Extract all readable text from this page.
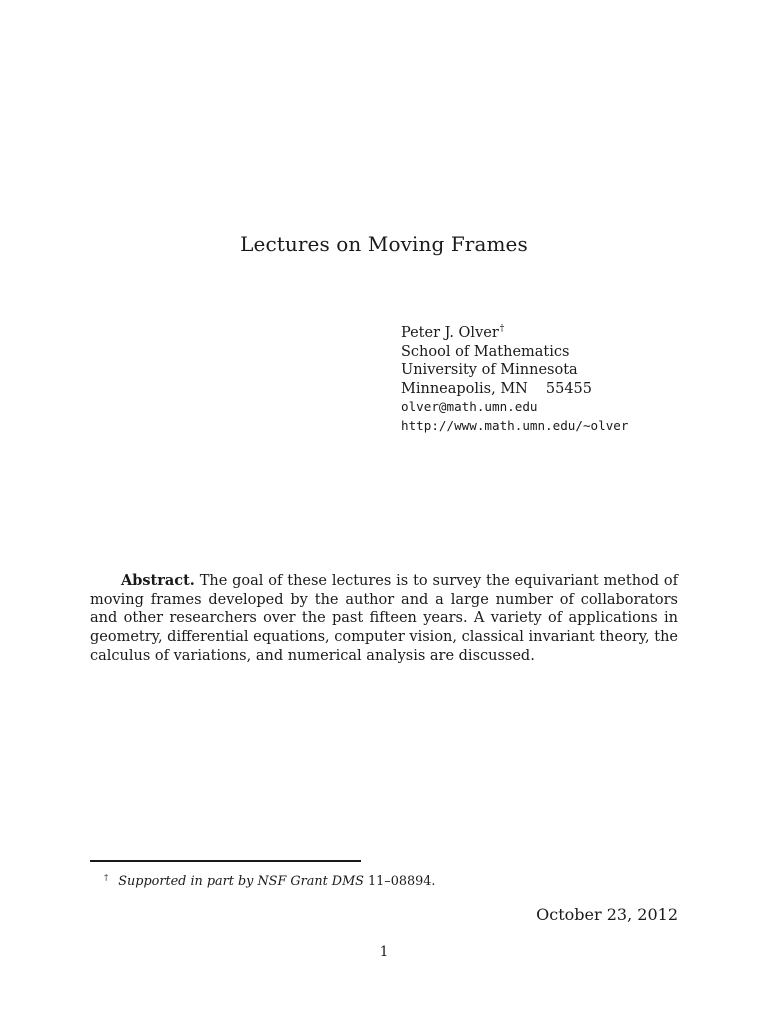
Lectures on Moving Frames
Peter J. Olver†
School of Mathematics
University of Minnesota
Minneapolis, MN 55455
olver@math.umn.edu
http://www.math.umn.edu/∼olver
Abstract. The goal of these lectures is to survey the equivariant method of moving frames developed by the author and a large number of collaborators and other researchers over the past fifteen years. A variety of applications in geometry, differential equations, computer vision, classical invariant theory, the calculus of variations, and numerical analysis are discussed.
† Supported in part by NSF Grant DMS 11–08894.
October 23, 2012
1
